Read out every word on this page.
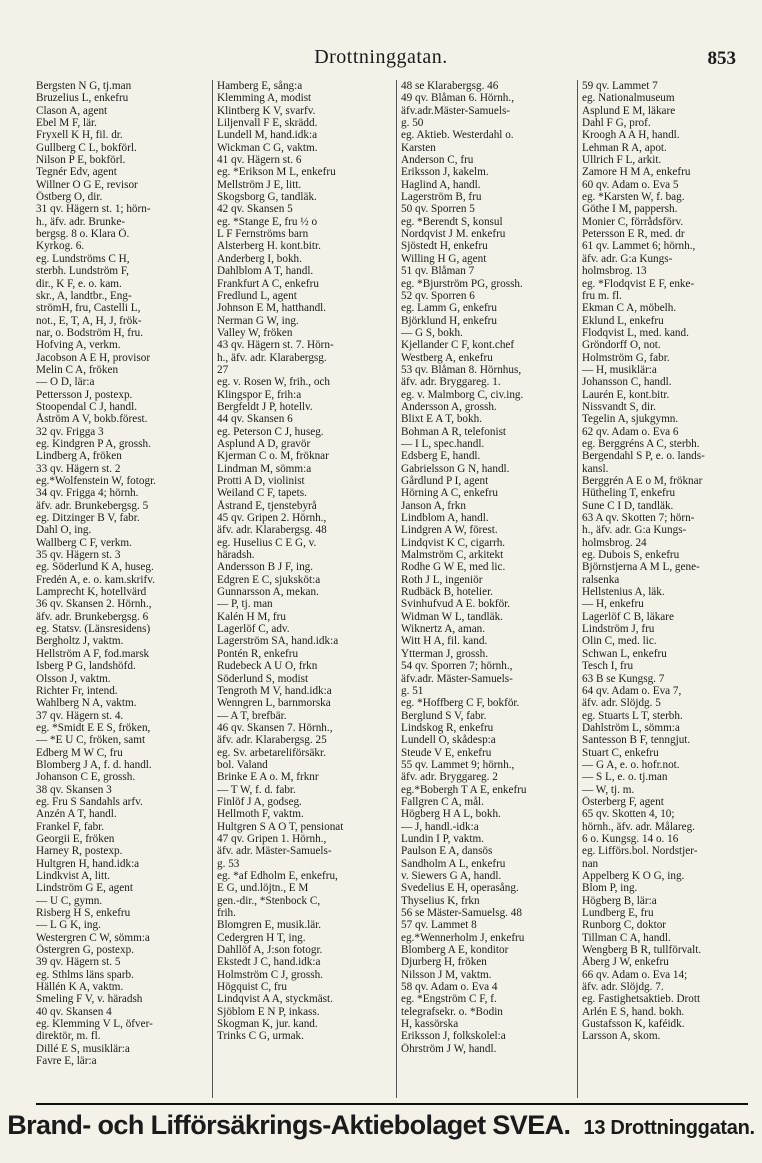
Drottninggatan.	853
Bergsten N G, tj.man
Bruzelius L, enkefru
Clason A, agent
Ebel M F, lär.
Fryxell K H, fil. dr.
Gullberg C L, bokförl.
Nilson P E, bokförl.
Tegnér Edv, agent
Willner O G E, revisor
Östberg O, dir.
31 qv. Hägern st. 1; hörn-
h., äfv. adr. Brunke-
bergsg. 8 o. Klara Ö.
Kyrkog. 6.
eg. Lundströms C H,
sterbh. Lundström F,
dir., K F, e. o. kam.
skr., A, landtbr., Eng-
strömH, fru, Castelli L,
not., E, T, A, H, J, frök-
nar, o. Bodström H, fru.
Hofving A, verkm.
Jacobson A E H, provisor
Melin C A, fröken
— O D, lär:a
Pettersson J, postexp.
Stoopendal C J, handl.
Åström A V, bokb.förest.
32 qv. Frigga 3
eg. Kindgren P A, grossh.
Lindberg A, fröken
33 qv. Hägern st. 2
eg.*Wolfenstein W, fotogr.
34 qv. Frigga 4; hörnh.
äfv. adr. Brunkebergsg. 5
eg. Ditzinger B V, fabr.
Dahl O, ing.
Wallberg C F, verkm.
35 qv. Hägern st. 3
eg. Söderlund K A, huseg.
Fredén A, e. o. kam.skrifv.
Lamprecht K, hotellvärd
36 qv. Skansen 2. Hörnh.,
äfv. adr. Brunkebergsg. 6
eg. Statsv. (Länsresidens)
Bergholtz J, vaktm.
Hellström A F, fod.marsk
Isberg P G, landshöfd.
Olsson J, vaktm.
Richter Fr, intend.
Wahlberg N A, vaktm.
37 qv. Hägern st. 4.
eg. *Smidt E E S, fröken,
— *E U C, fröken, samt
Edberg M W C, fru
Blomberg J A, f. d. handl.
Johanson C E, grossh.
38 qv. Skansen 3
eg. Fru S Sandahls arfv.
Anzén A T, handl.
Frankel F, fabr.
Georgii E, fröken
Harney R, postexp.
Hultgren H, hand.idk:a
Lindkvist A, litt.
Lindström G E, agent
— U C, gymn.
Risberg H S, enkefru
— L G K, ing.
Westergren C W, sömm:a
Östergren G, postexp.
39 qv. Hägern st. 5
eg. Sthlms läns sparb.
Hällén K A, vaktm.
Smeling F V, v. häradsh
40 qv. Skansen 4
eg. Klemming V L, öfver-
direktör, m. fl.
Dillé E S, musiklär:a
Favre E, lär:a
Hamberg E, sång:a
Klemming A, modist
Klintberg K V, svarfv.
Liljenvall F E, skrädd.
Lundell M, hand.idk:a
Wickman C G, vaktm.
41 qv. Hägern st. 6
eg. *Erikson M L, enkefru
Mellström J E, litt.
Skogsborg G, tandläk.
42 qv. Skansen 5
eg. *Stange E, fru ½ o
L F Fernströms barn
Alsterberg H. kont.bitr.
Anderberg I, bokh.
Dahlblom A T, handl.
Frankfurt A C, enkefru
Fredlund L, agent
Johnson E M, hatthandl.
Nerman G W, ing.
Valley W, fröken
43 qv. Hägern st. 7. Hörn-
h., äfv. adr. Klarabergsg.
27
eg. v. Rosen W, frih., och
Klingspor E, frih:a
Bergfeldt J P, hotellv.
44 qv. Skansen 6
eg. Peterson C J, huseg.
Asplund A D, gravör
Kjerman C o. M, fröknar
Lindman M, sömm:a
Protti A D, violinist
Weiland C F, tapets.
Åstrand E, tjenstebyrå
45 qv. Gripen 2. Hörnh.,
äfv. adr. Klarabergsg. 48
eg. Huselius C E G, v.
häradsh.
Andersson B J F, ing.
Edgren E C, sjuksköt:a
Gunnarsson A, mekan.
— P, tj. man
Kalén H M, fru
Lagerlöf C, adv.
Lagerström SA, hand.idk:a
Pontén R, enkefru
Rudebeck A U O, frkn
Söderlund S, modist
Tengroth M V, hand.idk:a
Wenngren L, barnmorska
— A T, brefbär.
46 qv. Skansen 7. Hörnh.,
äfv. adr. Klarabergsg. 25
eg. Sv. arbetareliförsäkr.
bol. Valand
Brinke E A o. M, frknr
— T W, f. d. fabr.
Finlöf J A, godseg.
Hellmoth F, vaktm.
Hultgren S A O T, pensionat
47 qv. Gripen 1. Hörnh.,
äfv. adr. Mäster-Samuels-
g. 53
eg. *af Edholm E, enkefru,
E G, und.löjtn., E M
gen.-dir., *Stenbock C,
frih.
Blomgren E, musik.lär.
Cedergren H T, ing.
Dahllöf A, J:son fotogr.
Ekstedt J C, hand.idk:a
Holmström C J, grossh.
Högquist C, fru
Lindqvist A A, styckmäst.
Sjöblom E N P, inkass.
Skogman K, jur. kand.
Trinks C G, urmak.
48 se Klarabergsg. 46
49 qv. Blåman 6. Hörnh.,
äfv.adr.Mäster-Samuels-
g. 50
eg. Aktieb. Westerdahl o.
Karsten
Anderson C, fru
Eriksson J, kakelm.
Haglind A, handl.
Lagerström B, fru
50 qv. Sporren 5
eg. *Berendt S, konsul
Nordqvist J M. enkefru
Sjöstedt H, enkefru
Willing H G, agent
51 qv. Blåman 7
eg. *Bjurström PG, grossh.
52 qv. Sporren 6
eg. Lamm G, enkefru
Björklund H, enkefru
— G S, bokh.
Kjellander C F, kont.chef
Westberg A, enkefru
53 qv. Blåman 8. Hörnhus,
äfv. adr. Bryggareg. 1.
eg. v. Malmborg C, civ.ing.
Andersson A, grossh.
Blixt E A T, bokh.
Bohman A R, telefonist
— I L, spec.handl.
Edsberg E, handl.
Gabrielsson G N, handl.
Gårdlund P I, agent
Hörning A C, enkefru
Janson A, frkn
Lindblom A, handl.
Lindgren A W, förest.
Lindqvist K C, cigarrh.
Malmström C, arkitekt
Rodhe G W E, med lic.
Roth J L, ingeniör
Rudbäck B, hotelier.
Svinhufvud A E. bokför.
Widman W L, tandläk.
Wiknertz A, aman.
Witt H A, fil. kand.
Ytterman J, grossh.
54 qv. Sporren 7; hörnh.,
äfv.adr. Mäster-Samuels-
g. 51
eg. *Hoffberg C F, bokför.
Berglund S V, fabr.
Lindskog R, enkefru
Lundell O, skådesp:a
Steude V E, enkefru
55 qv. Lammet 9; hörnh.,
äfv. adr. Bryggareg. 2
eg.*Bobergh T A E, enkefru
Fallgren C A, mål.
Högberg H A L, bokh.
— J, handl.-idk:a
Lundin I P, vaktm.
Paulson E A, dansös
Sandholm A L, enkefru
v. Siewers G A, handl.
Svedelius E H, operasång.
Thyselius K, frkn
56 se Mäster-Samuelsg. 48
57 qv. Lammet 8
eg.*Wennerholm J, enkefru
Blomberg A E, konditor
Djurberg H, fröken
Nilsson J M, vaktm.
58 qv. Adam o. Eva 4
eg. *Engström C F, f.
telegrafsekr. o. *Bodin
H, kassörska
Eriksson J, folkskolel:a
Öhrström J W, handl.
59 qv. Lammet 7
eg. Nationalmuseum
Asplund E M, läkare
Dahl F G, prof.
Kroogh A A H, handl.
Lehman R A, apot.
Ullrich F L, arkit.
Zamore H M A, enkefru
60 qv. Adam o. Eva 5
eg. *Karsten W, f. bag.
Göthe I M, pappersh.
Monier C, förrådsförv.
Petersson E R, med. dr
61 qv. Lammet 6; hörnh.,
äfv. adr. G:a Kungs-
holmsbrog. 13
eg. *Flodqvist E F, enke-
fru m. fl.
Ekman C A, möbelh.
Eklund L, enkefru
Flodqvist L, med. kand.
Gröndorff O, not.
Holmström G, fabr.
— H, musiklär:a
Johansson C, handl.
Laurén E, kont.bitr.
Nissvandt S, dir.
Tegelin A, sjukgymn.
62 qv. Adam o. Eva 6
eg. Berggréns A C, sterbh.
Bergendahl S P, e. o. lands-
kansl.
Berggrén A E o M, fröknar
Hütheling T, enkefru
Sune C I D, tandläk.
63 A qv. Skotten 7; hörn-
h., äfv. adr. G:a Kungs-
holmsbrog. 24
eg. Dubois S, enkefru
Björnstjerna A M L, gene-
ralsenka
Hellstenius A, läk.
— H, enkefru
Lagerlöf C B, läkare
Lindström J, fru
Olin C, med. lic.
Schwan L, enkefru
Tesch I, fru
63 B se Kungsg. 7
64 qv. Adam o. Eva 7,
äfv. adr. Slöjdg. 5
eg. Stuarts L T, sterbh.
Dahlström L, sömm:a
Santesson B F, tenngjut.
Stuart C, enkefru
— G A, e. o. hofr.not.
— S L, e. o. tj.man
— W, tj. m.
Österberg F, agent
65 qv. Skotten 4, 10;
hörnh., äfv. adr. Målareg.
6 o. Kungsg. 14 o. 16
eg. Lifförs.bol. Nordstjer-
nan
Appelberg K O G, ing.
Blom P, ing.
Högberg B, lär:a
Lundberg E, fru
Runborg C, doktor
Tillman C A, handl.
Wengberg B R, tullförvalt.
Åberg J W, enkefru
66 qv. Adam o. Eva 14;
äfv. adr. Slöjdg. 7.
eg. Fastighetsaktieb. Drott
Arlén E S, hand. bokh.
Gustafsson K, kaféidk.
Larsson A, skom.
Brand- och Lifförsäkrings-Aktiebolaget SVEA. 13 Drottninggatan.
